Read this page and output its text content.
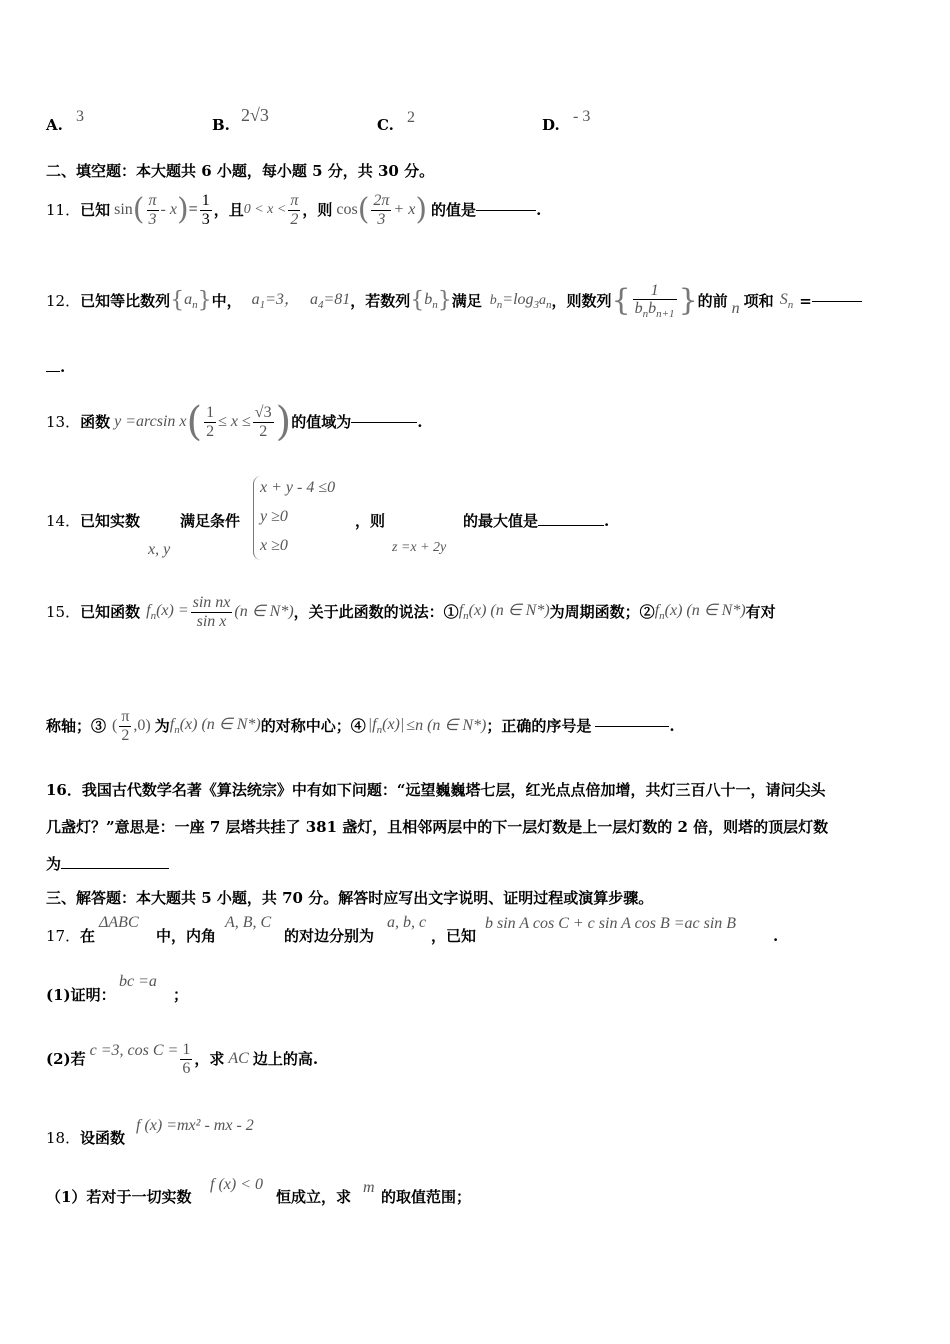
A. 3	B. 2√3	C. 2	D. - 3
二、填空题：本大题共 6 小题，每小题 5 分，共 30 分。
11． 已知 sin ( $\frac{\pi}{3}$ - x ) = $\frac{1}{3}$ ，且 $0 < x < \frac{\pi}{2}$ ，则 cos ( $\frac{2\pi}{3} + x$ ) 的值是	.
12． 已知等比数列 { $a_n$ } 中， $a_1=3$， $a_4=81$ ，若数列 { $b_n$ } 满足 $b_n=\log_3a_n$ ，则数列 { $\frac{1}{b_nb_{n+1}}$ } 的前 n 项和 $S_n$ =
.
13． 函数 y =arcsin x ( $\frac{1}{2} \le x \le \frac{√3}{2}$ ) 的值域为	.
14． 已知实数
x, y
满足条件
x + y - 4 ≤0
y ≥0
x ≥0
，则
z =x + 2y
的最大值是	.
15． 已知函数 $f_n(x) = \frac{\text{sin nx}}{\text{sin x}} (n$ ∈ N*) ，关于此函数的说法：① $f_n(x)$ (n ∈ N*) 为周期函数；② $f_n(x)$ (n ∈ N*) 有对
称轴；③ ( $\frac{\pi}{2} ,0$) 为 $f_n(x)$ (n ∈ N*) 的对称中心；④ $|f_n(x)| \le n$ (n ∈ N*) ；正确的序号是	.
16．我国古代数学名著《算法统宗》中有如下问题：“远望巍巍塔七层，红光点点倍加增，共灯三百八十一，请问尖头
几盏灯？”意思是：一座 7 层塔共挂了 381 盏灯，且相邻两层中的下一层灯数是上一层灯数的 2 倍，则塔的顶层灯数
为
三、解答题：本大题共 5 小题，共 70 分。解答时应写出文字说明、证明过程或演算步骤。
17． 在
ΔABC
中，内角
A, B, C
的对边分别为
a, b, c
，已知
b sin A cos C + c sin A cos B =ac sin B
.
(1)证明：
bc =a
；
(2) 若 c =3, $\cos C = \frac{1}{6}$ ，求 AC 边上的高.
18． 设函数
f (x) =mx² - mx - 2
（1）若对于一切实数
f (x) < 0
恒成立，求
m
的取值范围；
